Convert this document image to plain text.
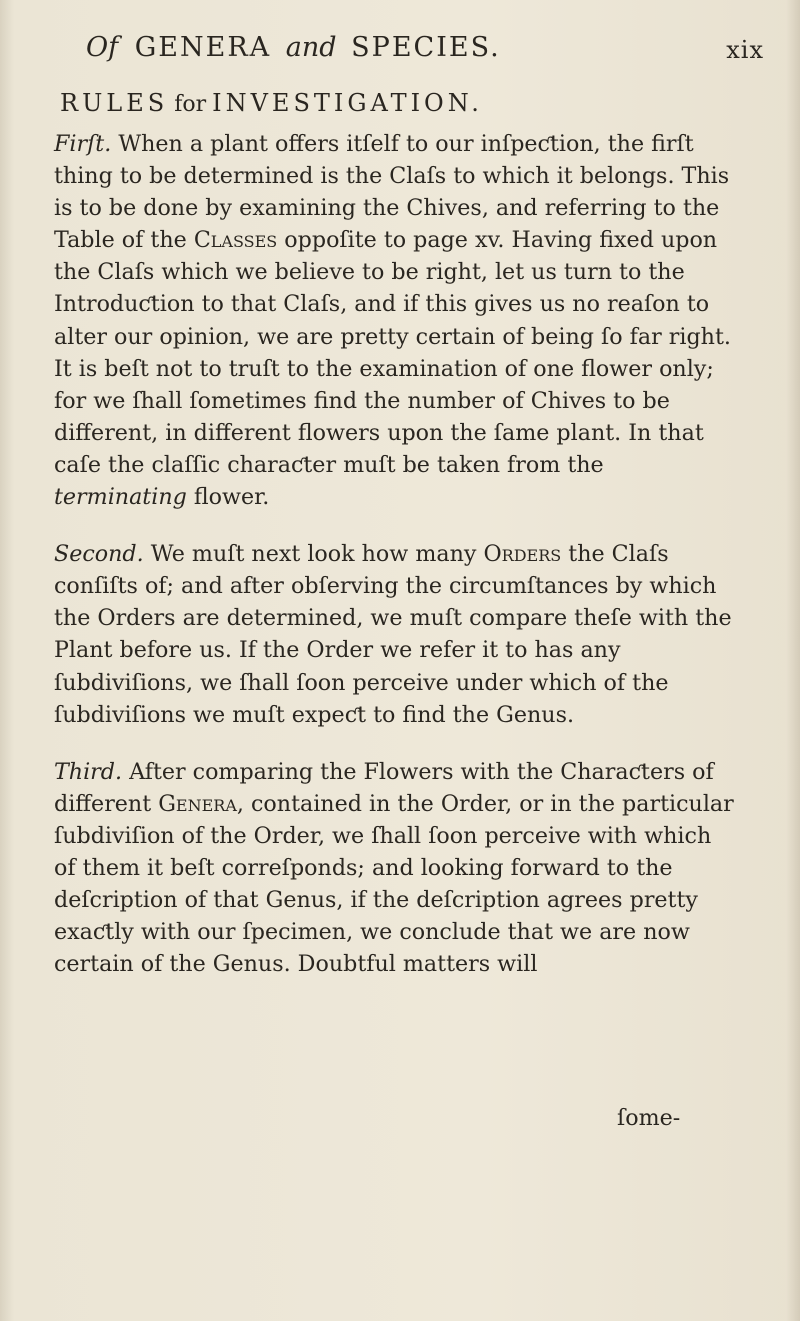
Of GENERA and SPECIES.	xix
RULES for INVESTIGATION.

Firſt. When a plant offers itſelf to our inſpeƈtion, the firſt thing to be determined is the Claſs to which it belongs. This is to be done by examining the Chives, and referring to the Table of the Classes oppoſite to page xv. Having fixed upon the Claſs which we believe to be right, let us turn to the Introduƈtion to that Claſs, and if this gives us no reaſon to alter our opinion, we are pretty certain of being ſo far right. It is beſt not to truſt to the examination of one flower only; for we ſhall ſometimes find the number of Chives to be different, in different flowers upon the ſame plant. In that caſe the claſſic charaƈter muſt be taken from the terminating flower.

Second. We muſt next look how many Orders the Claſs conſiſts of; and after obſerving the circumſtances by which the Orders are determined, we muſt compare theſe with the Plant before us. If the Order we refer it to has any ſubdiviſions, we ſhall ſoon perceive under which of the ſubdiviſions we muſt expeƈt to find the Genus.

Third. After comparing the Flowers with the Charaƈters of different Genera, contained in the Order, or in the particular ſubdiviſion of the Order, we ſhall ſoon perceive with which of them it beſt correſponds; and looking forward to the deſcription of that Genus, if the deſcription agrees pretty exaƈtly with our ſpecimen, we conclude that we are now certain of the Genus. Doubtful matters will

ſome-
